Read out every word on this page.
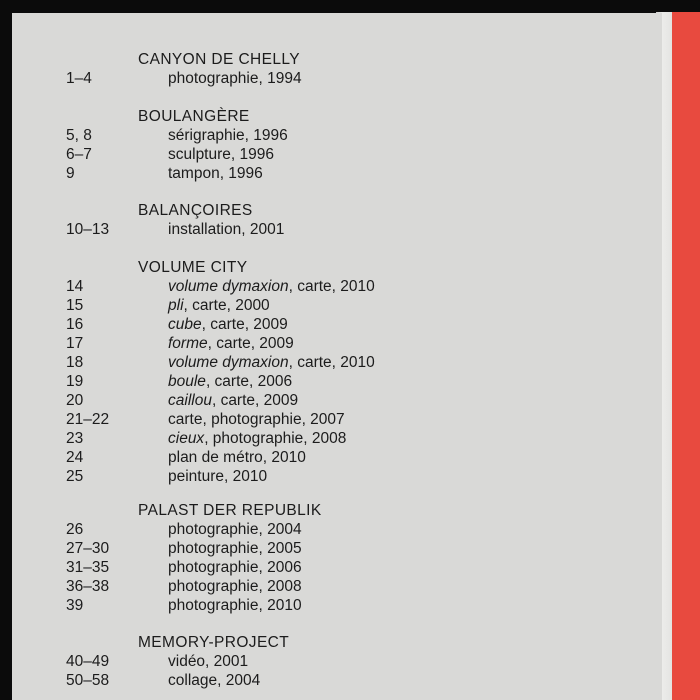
CANYON DE CHELLY
1–4	photographie, 1994
BOULANGÈRE
5, 8	sérigraphie, 1996
6–7	sculpture, 1996
9	tampon, 1996
BALANÇOIRES
10–13	installation, 2001
VOLUME CITY
14	volume dymaxion, carte, 2010
15	pli, carte, 2000
16	cube, carte, 2009
17	forme, carte, 2009
18	volume dymaxion, carte, 2010
19	boule, carte, 2006
20	caillou, carte, 2009
21–22	carte, photographie, 2007
23	cieux, photographie, 2008
24	plan de métro, 2010
25	peinture, 2010
PALAST DER REPUBLIK
26	photographie, 2004
27–30	photographie, 2005
31–35	photographie, 2006
36–38	photographie, 2008
39	photographie, 2010
MEMORY-PROJECT
40–49	vidéo, 2001
50–58	collage, 2004
